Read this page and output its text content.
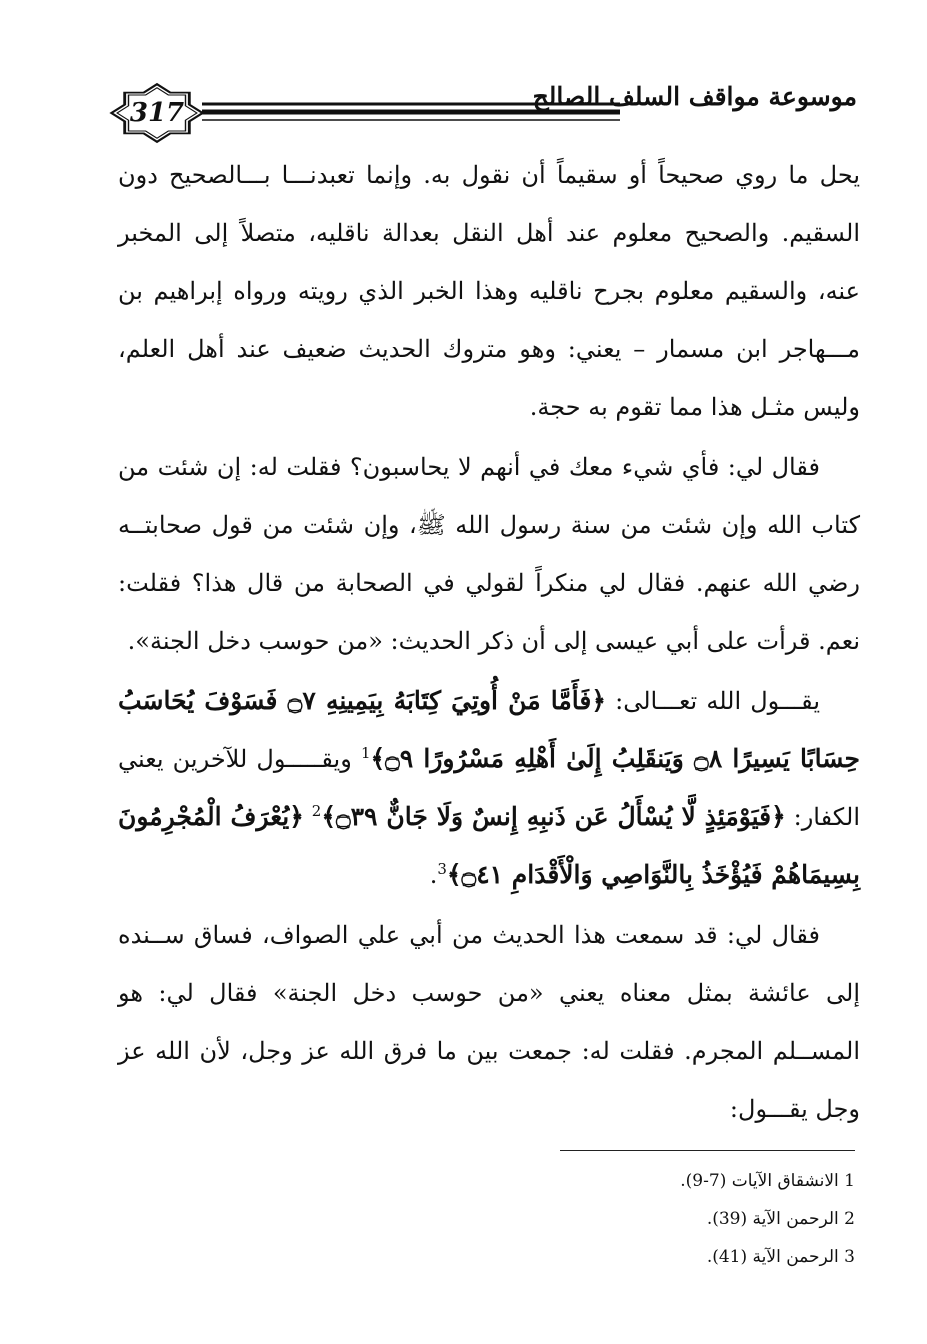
317
موسوعة مواقف السلف الصالح

يحل ما روي صحيحاً أو سقيماً أن نقول به. وإنما تعبدنـــا بـــالصحيح دون السقيم. والصحيح معلوم عند أهل النقل بعدالة ناقليه، متصلاً إلى المخبر عنه، والسقيم معلوم بجرح ناقليه وهذا الخبر الذي رويته ورواه إبراهيم بن مـــهاجر ابن مسمار – يعني: وهو متروك الحديث ضعيف عند أهل العلم، وليس مثـل هذا مما تقوم به حجة.

فقال لي: فأي شيء معك في أنهم لا يحاسبون؟ فقلت له: إن شئت من كتاب الله وإن شئت من سنة رسول الله ﷺ، وإن شئت من قول صحابتــه رضي الله عنهم. فقال لي منكراً لقولي في الصحابة من قال هذا؟ فقلت: نعم. قرأت على أبي عيسى إلى أن ذكر الحديث: «من حوسب دخل الجنة».

يقـــول الله تعـــالى: ﴿فَأَمَّا مَنْ أُوتِيَ كِتَابَهُ بِيَمِينِهِ ۝٧ فَسَوْفَ يُحَاسَبُ حِسَابًا يَسِيرًا ۝٨ وَيَنقَلِبُ إِلَىٰ أَهْلِهِ مَسْرُورًا ۝٩﴾$^1$ ويقـــــول للآخرين يعني الكفار: ﴿فَيَوْمَئِذٍ لَّا يُسْأَلُ عَن ذَنبِهِ إِنسٌ وَلَا جَانٌّ ۝٣٩﴾$^2$ ﴿يُعْرَفُ الْمُجْرِمُونَ بِسِيمَاهُمْ فَيُؤْخَذُ بِالنَّوَاصِي وَالْأَقْدَامِ ۝٤١﴾$^3$.

فقال لي: قد سمعت هذا الحديث من أبي علي الصواف، فساق ســنده إلى عائشة بمثل معناه يعني «من حوسب دخل الجنة» فقال لي: هو المســلم المجرم. فقلت له: جمعت بين ما فرق الله عز وجل، لأن الله عز وجل يقـــول:

1 الانشقاق الآيات (7-9).
2 الرحمن الآية (39).
3 الرحمن الآية (41).
